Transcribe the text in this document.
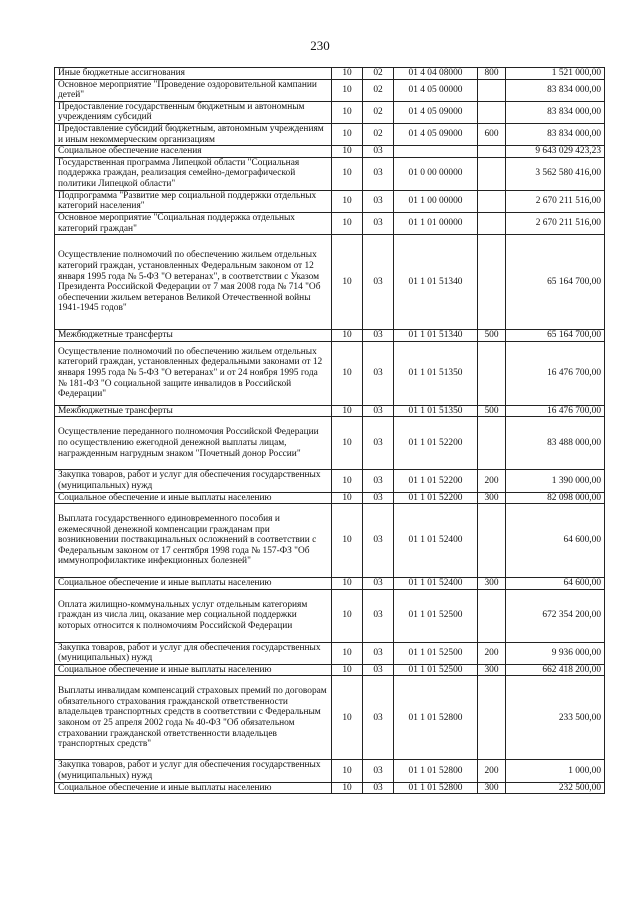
230
Иные бюджетные ассигнования	10	02	01 4 04 08000	800	1 521 000,00
Основное мероприятие "Проведение оздоровительной кампании детей"	10	02	01 4 05 00000		83 834 000,00
Предоставление государственным бюджетным и автономным учреждениям субсидий	10	02	01 4 05 09000		83 834 000,00
Предоставление субсидий бюджетным, автономным учреждениям и иным некоммерческим организациям	10	02	01 4 05 09000	600	83 834 000,00
Социальное обеспечение населения	10	03			9 643 029 423,23
Государственная программа Липецкой области "Социальная поддержка граждан, реализация семейно-демографической политики Липецкой области"	10	03	01 0 00 00000		3 562 580 416,00
Подпрограмма "Развитие мер социальной поддержки отдельных категорий населения"	10	03	01 1 00 00000		2 670 211 516,00
Основное мероприятие "Социальная поддержка отдельных категорий граждан"	10	03	01 1 01 00000		2 670 211 516,00
Осуществление полномочий по обеспечению жильем отдельных категорий граждан, установленных Федеральным законом от 12 января 1995 года № 5-ФЗ "О ветеранах", в соответствии с Указом Президента Российской Федерации от 7 мая 2008 года № 714 "Об обеспечении жильем ветеранов Великой Отечественной войны 1941-1945 годов"	10	03	01 1 01 51340		65 164 700,00
Межбюджетные трансферты	10	03	01 1 01 51340	500	65 164 700,00
Осуществление полномочий по обеспечению жильем отдельных категорий граждан, установленных федеральными законами от 12 января 1995 года № 5-ФЗ "О ветеранах" и от 24 ноября 1995 года № 181-ФЗ "О социальной защите инвалидов в Российской Федерации"	10	03	01 1 01 51350		16 476 700,00
Межбюджетные трансферты	10	03	01 1 01 51350	500	16 476 700,00
Осуществление переданного полномочия Российской Федерации по осуществлению ежегодной денежной выплаты лицам, награжденным нагрудным знаком "Почетный донор России"	10	03	01 1 01 52200		83 488 000,00
Закупка товаров, работ и услуг для обеспечения государственных (муниципальных) нужд	10	03	01 1 01 52200	200	1 390 000,00
Социальное обеспечение и иные выплаты населению	10	03	01 1 01 52200	300	82 098 000,00
Выплата государственного единовременного пособия и ежемесячной денежной компенсации гражданам при возникновении поствакцинальных осложнений в соответствии с Федеральным законом от 17 сентября 1998 года № 157-ФЗ "Об иммунопрофилактике инфекционных болезней"	10	03	01 1 01 52400		64 600,00
Социальное обеспечение и иные выплаты населению	10	03	01 1 01 52400	300	64 600,00
Оплата жилищно-коммунальных услуг отдельным категориям граждан из числа лиц, оказание мер социальной поддержки которых относится к полномочиям Российской Федерации	10	03	01 1 01 52500		672 354 200,00
Закупка товаров, работ и услуг для обеспечения государственных (муниципальных) нужд	10	03	01 1 01 52500	200	9 936 000,00
Социальное обеспечение и иные выплаты населению	10	03	01 1 01 52500	300	662 418 200,00
Выплаты инвалидам компенсаций страховых премий по договорам обязательного страхования гражданской ответственности владельцев транспортных средств в соответствии с Федеральным законом от 25 апреля 2002 года № 40-ФЗ "Об обязательном страховании гражданской ответственности владельцев транспортных средств"	10	03	01 1 01 52800		233 500,00
Закупка товаров, работ и услуг для обеспечения государственных (муниципальных) нужд	10	03	01 1 01 52800	200	1 000,00
Социальное обеспечение и иные выплаты населению	10	03	01 1 01 52800	300	232 500,00
